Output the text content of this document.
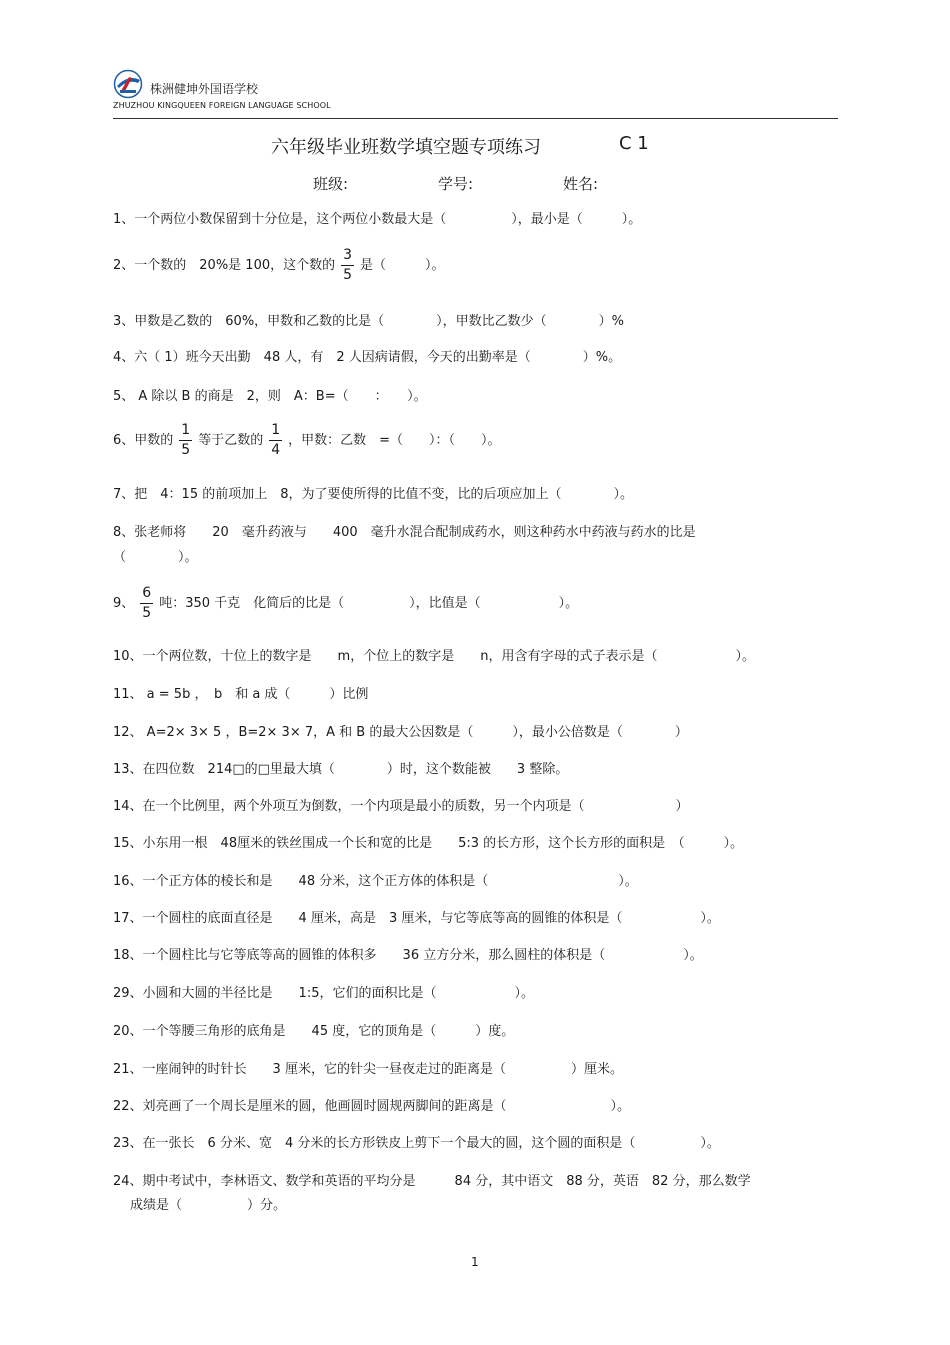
株洲健坤外国语学校
ZHUZHOU KINGQUEEN FOREIGN LANGUAGE SCHOOL
六年级毕业班数学填空题专项练习	C 1
班级:	学号:	姓名:
1、一个两位小数保留到十分位是，这个两位小数最大是（　　　　　），最小是（　　　）。
2、一个数的　20%是 100，这个数的 $\frac{3}{5}$ 是（　　　）。
3、甲数是乙数的　60%，甲数和乙数的比是（　　　　），甲数比乙数少（　　　　）%
4、六（ 1）班今天出勤　48 人，有　2 人因病请假，今天的出勤率是（　　　　）%。
5、 A 除以 B 的商是　2，则　A：B=（　　：　　）。
6、甲数的 $\frac{1}{5}$ 等于乙数的 $\frac{1}{4}$ ，甲数：乙数　=（　　）：（　　）。
7、把　4：15 的前项加上　8，为了要使所得的比值不变，比的后项应加上（　　　　）。
8、张老师将　　20　毫升药液与　　400　毫升水混合配制成药水，则这种药水中药液与药水的比是
（　　　　）。
9、 $\frac{6}{5}$ 吨：350 千克　化简后的比是（　　　　　），比值是（　　　　　　）。
10、一个两位数，十位上的数字是　　m，个位上的数字是　　n，用含有字母的式子表示是（　　　　　　）。
11、 a = 5b ，　b　和 a 成（　　　）比例
12、 A=2× 3× 5 ，B=2× 3× 7，A 和 B 的最大公因数是（　　　），最小公倍数是（　　　　）
13、在四位数　214□的□里最大填（　　　　）时，这个数能被　　3 整除。
14、在一个比例里，两个外项互为倒数，一个内项是最小的质数，另一个内项是（　　　　　　　）
15、小东用一根　48厘米的铁丝围成一个长和宽的比是　　5:3 的长方形，这个长方形的面积是　（　　　）。
16、一个正方体的棱长和是　　48 分米，这个正方体的体积是（　　　　　　　　　　）。
17、一个圆柱的底面直径是　　4 厘米，高是　3 厘米，与它等底等高的圆锥的体积是（　　　　　　）。
18、一个圆柱比与它等底等高的圆锥的体积多　　36 立方分米，那么圆柱的体积是（　　　　　　）。
29、小圆和大圆的半径比是　　1:5，它们的面积比是（　　　　　　）。
20、一个等腰三角形的底角是　　45 度，它的顶角是（　　　）度。
21、一座闹钟的时针长　　3 厘米，它的针尖一昼夜走过的距离是（　　　　　）厘米。
22、刘亮画了一个周长是厘米的圆，他画圆时圆规两脚间的距离是（　　　　　　　　）。
23、在一张长　6 分米、宽　4 分米的长方形铁皮上剪下一个最大的圆，这个圆的面积是（　　　　　）。
24、期中考试中，李林语文、数学和英语的平均分是　　　84 分，其中语文　88 分，英语　82 分，那么数学
成绩是（　　　　　）分。
1
